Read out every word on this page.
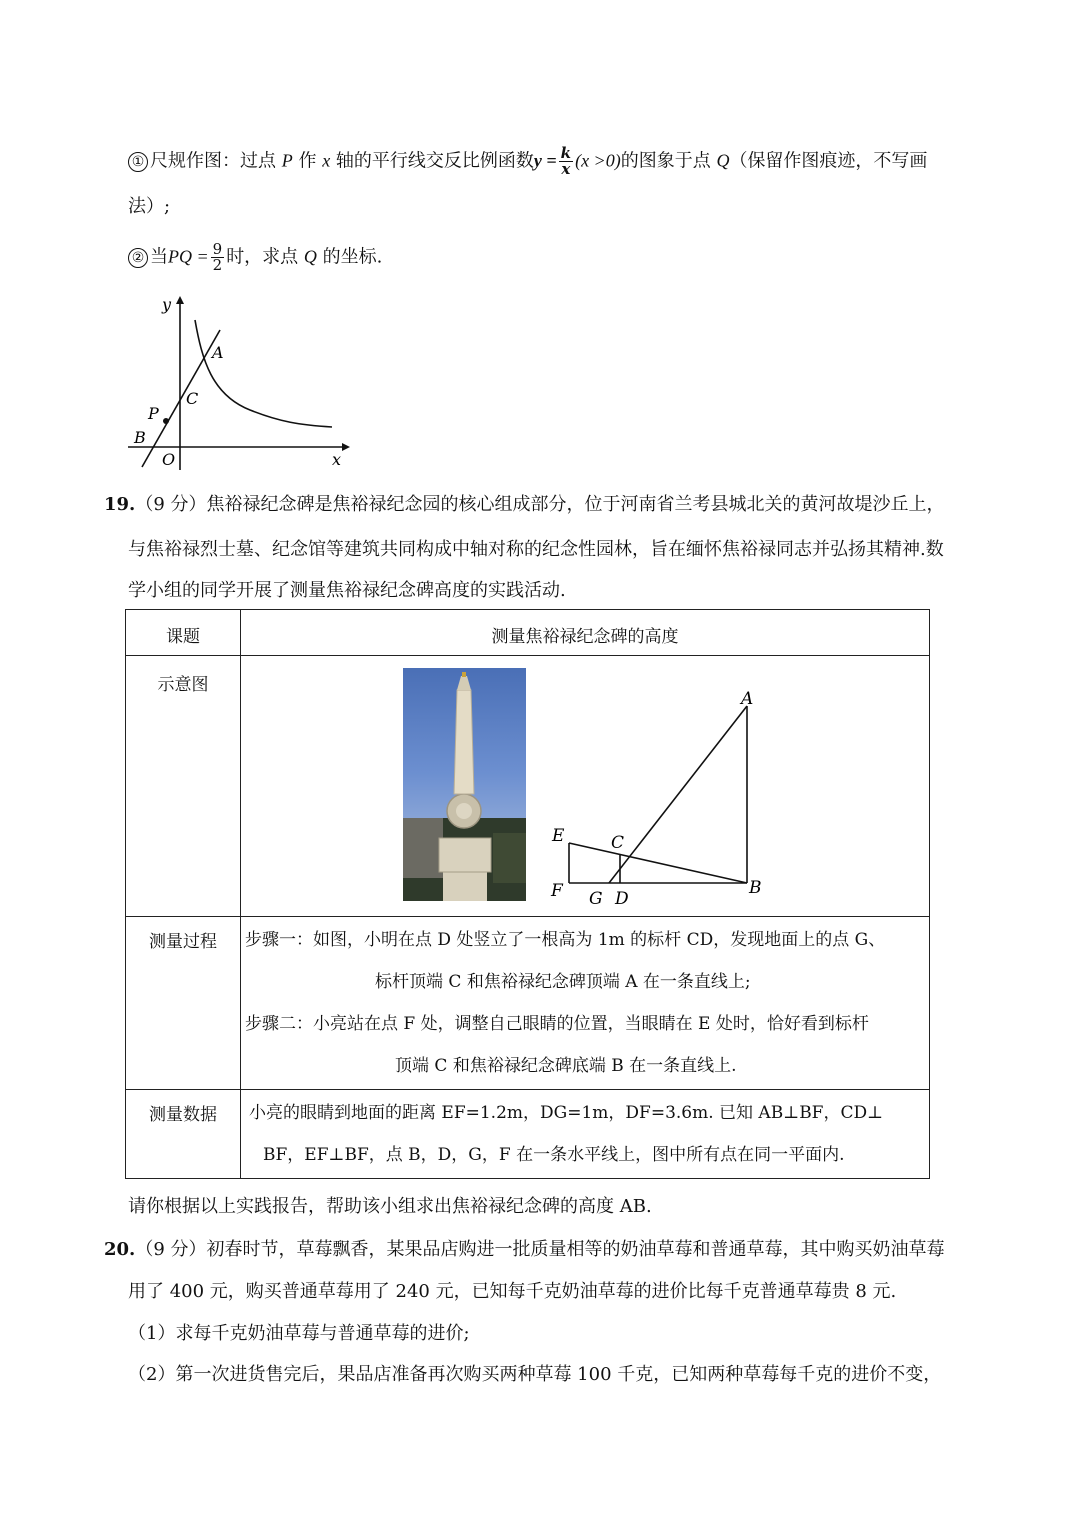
① 尺规作图：过点 P 作 x 轴的平行线交反比例函数$y = \frac{k}{x} (x >0)$的图象于点 Q（保留作图痕迹，不写画
法）;
② 当PQ = $\frac{9}{2}$ 时，求点 Q 的坐标.
y
x
O
A
B
C
P
19.（9 分）焦裕禄纪念碑是焦裕禄纪念园的核心组成部分，位于河南省兰考县城北关的黄河故堤沙丘上，
与焦裕禄烈士墓、纪念馆等建筑共同构成中轴对称的纪念性园林，旨在缅怀焦裕禄同志并弘扬其精神.数
学小组的同学开展了测量焦裕禄纪念碑高度的实践活动.
课题	测量焦裕禄纪念碑的高度
示意图	
测量过程	步骤一：如图，小明在点 D 处竖立了一根高为 1m 的标杆 CD，发现地面上的点 G、
标杆顶端 C 和焦裕禄纪念碑顶端 A 在一条直线上;
步骤二：小亮站在点 F 处，调整自己眼睛的位置，当眼睛在 E 处时，恰好看到标杆
顶端 C 和焦裕禄纪念碑底端 B 在一条直线上.

测量数据	小亮的眼睛到地面的距离 EF=1.2m，DG=1m，DF=3.6m. 已知 AB⊥BF，CD⊥
BF，EF⊥BF，点 B，D，G，F 在一条水平线上，图中所有点在同一平面内.
A
B
C
D
E
F G
请你根据以上实践报告，帮助该小组求出焦裕禄纪念碑的高度 AB.
20.（9 分）初春时节，草莓飘香，某果品店购进一批质量相等的奶油草莓和普通草莓，其中购买奶油草莓
用了 400 元，购买普通草莓用了 240 元，已知每千克奶油草莓的进价比每千克普通草莓贵 8 元.
（1）求每千克奶油草莓与普通草莓的进价;
（2）第一次进货售完后，果品店准备再次购买两种草莓 100 千克，已知两种草莓每千克的进价不变，
